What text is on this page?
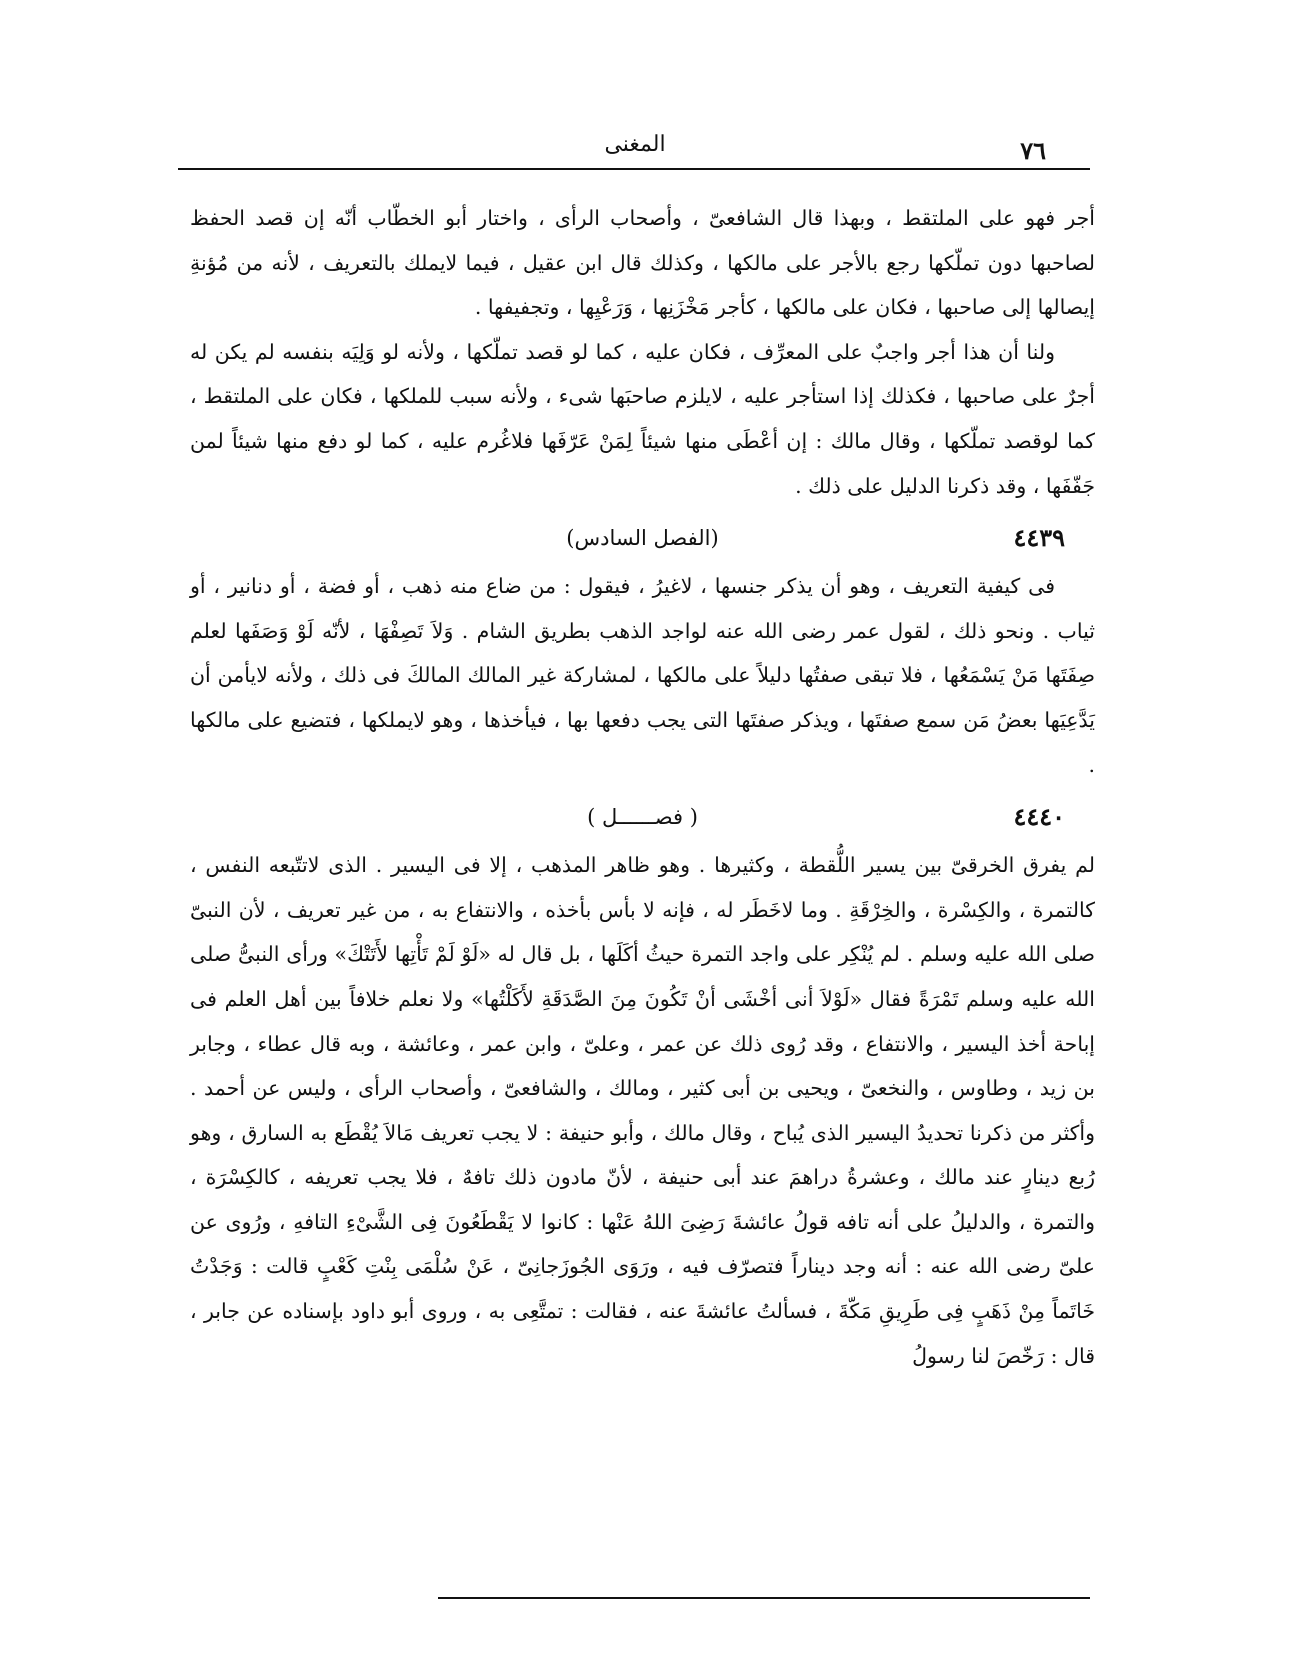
٧٦
المغنى

أجر فهو على الملتقط ، وبهذا قال الشافعىّ ، وأصحاب الرأى ، واختار أبو الخطّاب أنّه إن قصد الحفظ لصاحبها دون تملّكها رجع بالأجر على مالكها ، وكذلك قال ابن عقيل ، فيما لايملك بالتعريف ، لأنه من مُؤنةِ إيصالها إلى صاحبها ، فكان على مالكها ، كأجر مَخْزَنِها ، وَرَعْيِها ، وتجفيفها .

ولنا أن هذا أجر واجبٌ على المعرِّف ، فكان عليه ، كما لو قصد تملّكها ، ولأنه لو وَلِيَه بنفسه لم يكن له أجرٌ على صاحبها ، فكذلك إذا استأجر عليه ، لايلزم صاحبَها شىء ، ولأنه سبب للملكها ، فكان على الملتقط ، كما لوقصد تملّكها ، وقال مالك : إن أعْطَى منها شيئاً لِمَنْ عَرّفَها فلاغُرم عليه ، كما لو دفع منها شيئاً لمن جَفّفَها ، وقد ذكرنا الدليل على ذلك .

٤٤٣٩
(الفصل السادس)

فى كيفية التعريف ، وهو أن يذكر جنسها ، لاغيرُ ، فيقول : من ضاع منه ذهب ، أو فضة ، أو دنانير ، أو ثياب . ونحو ذلك ، لقول عمر رضى الله عنه لواجد الذهب بطريق الشام . وَلاَ تَصِفْهَا ، لأنّه لَوْ وَصَفَها لعلم صِفَتَها مَنْ يَسْمَعُها ، فلا تبقى صفتُها دليلاً على مالكها ، لمشاركة غير المالك المالكَ فى ذلك ، ولأنه لايأمن أن يَدَّعِيَها بعضُ مَن سمع صفتَها ، ويذكر صفتَها التى يجب دفعها بها ، فيأخذها ، وهو لايملكها ، فتضيع على مالكها .

٤٤٤٠
( فصــــــل )

لم يفرق الخرقىّ بين يسير اللُّقطة ، وكثيرها . وهو ظاهر المذهب ، إلا فى اليسير . الذى لاتتّبعه النفس ، كالتمرة ، والكِسْرة ، والخِرْقَةِ . وما لاخَطَر له ، فإنه لا بأس بأخذه ، والانتفاع به ، من غير تعريف ، لأن النبىّ صلى الله عليه وسلم . لم يُنْكِر على واجد التمرة حيثُ أكَلَها ، بل قال له «لَوْ لَمْ تَأْتِها لأَتَتْكَ» ورأى النبىُّ صلى الله عليه وسلم تَمْرَةً فقال «لَوْلاَ أنى أخْشَى أنْ تَكُونَ مِنَ الصَّدَقَةِ لأَكَلْتُها» ولا نعلم خلافاً بين أهل العلم فى إباحة أخذ اليسير ، والانتفاع ، وقد رُوى ذلك عن عمر ، وعلىّ ، وابن عمر ، وعائشة ، وبه قال عطاء ، وجابر بن زيد ، وطاوس ، والنخعىّ ، ويحيى بن أبى كثير ، ومالك ، والشافعىّ ، وأصحاب الرأى ، وليس عن أحمد . وأكثر من ذكرنا تحديدُ اليسير الذى يُباح ، وقال مالك ، وأبو حنيفة : لا يجب تعريف مَالاَ يُقْطَع به السارق ، وهو رُبع دينارٍ عند مالك ، وعشرةُ دراهمَ عند أبى حنيفة ، لأنّ مادون ذلك تافهٌ ، فلا يجب تعريفه ، كالكِسْرَة ، والتمرة ، والدليلُ على أنه تافه قولُ عائشةَ رَضِىَ اللهُ عَنْها : كانوا لا يَقْطَعُونَ فِى الشَّىْءِ التافهِ ، ورُوى عن علىّ رضى الله عنه : أنه وجد ديناراً فتصرّف فيه ، ورَوَى الجُوزَجانِىّ ، عَنْ سُلْمَى بِنْتِ كَعْبٍ قالت : وَجَدْتُ خَاتَماً مِنْ ذَهَبٍ فِى طَرِيقِ مَكّةَ ، فسألتُ عائشةَ عنه ، فقالت : تمتَّعِى به ، وروى أبو داود بإسناده عن جابر ، قال : رَخّصَ لنا رسولُ
